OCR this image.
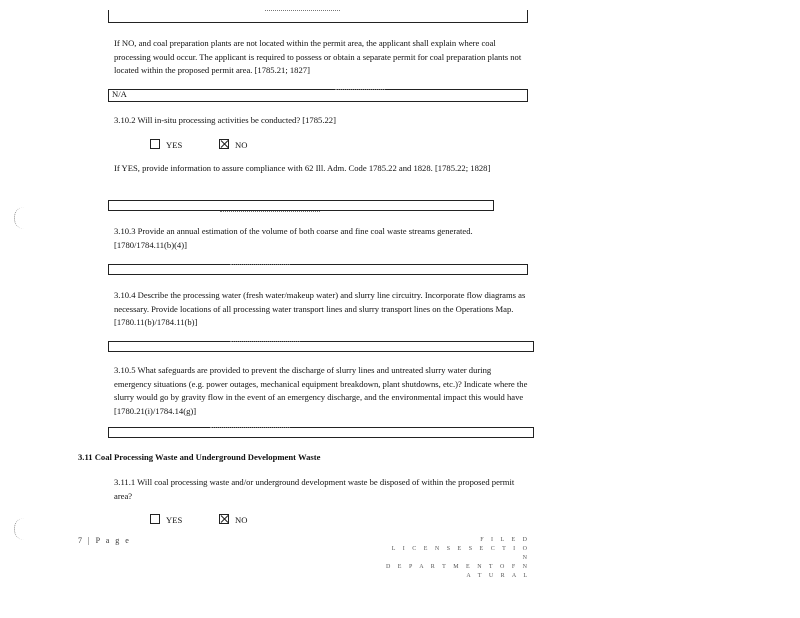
If NO, and coal preparation plants are not located within the permit area, the applicant shall explain where coal processing would occur. The applicant is required to possess or obtain a separate permit for coal preparation plants not located within the proposed permit area. [1785.21; 1827]
N/A
3.10.2 Will in-situ processing activities be conducted? [1785.22]
YES	NO
If YES, provide information to assure compliance with 62 Ill. Adm. Code 1785.22 and 1828. [1785.22; 1828]
3.10.3 Provide an annual estimation of the volume of both coarse and fine coal waste streams generated. [1780/1784.11(b)(4)]
3.10.4 Describe the processing water (fresh water/makeup water) and slurry line circuitry. Incorporate flow diagrams as necessary. Provide locations of all processing water transport lines and slurry transport lines on the Operations Map. [1780.11(b)/1784.11(b)]
3.10.5 What safeguards are provided to prevent the discharge of slurry lines and untreated slurry water during emergency situations (e.g. power outages, mechanical equipment breakdown, plant shutdowns, etc.)? Indicate where the slurry would go by gravity flow in the event of an emergency discharge, and the environmental impact this would have [1780.21(i)/1784.14(g)]
3.11 Coal Processing Waste and Underground Development Waste
3.11.1 Will coal processing waste and/or underground development waste be disposed of within the proposed permit area?
YES	NO
7 | P a g e	F I L E D
L I C E N S E S E C T I O N
D E P A R T M E N T O F N A T U R A L
